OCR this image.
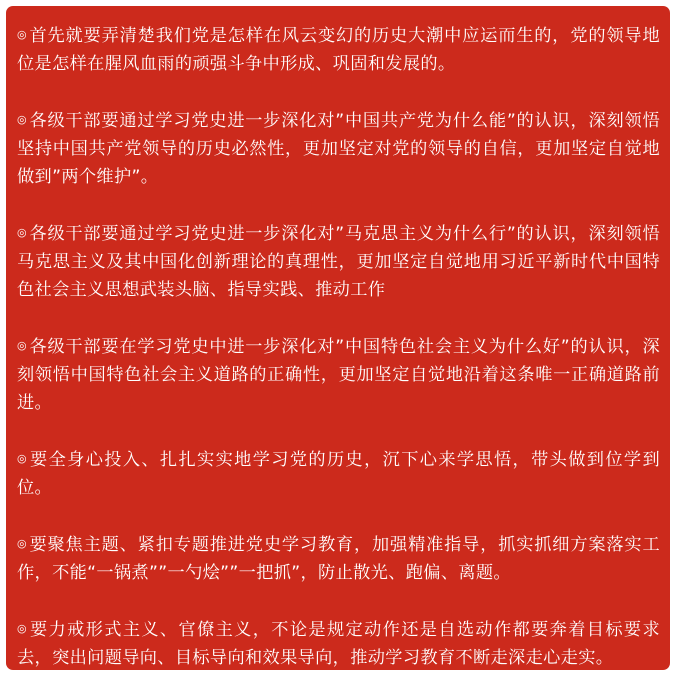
◎ 首先就要弄清楚我们党是怎样在风云变幻的历史大潮中应运而生的，党的领导地位是怎样在腥风血雨的顽强斗争中形成、巩固和发展的。

◎ 各级干部要通过学习党史进一步深化对”中国共产党为什么能”的认识，深刻领悟坚持中国共产党领导的历史必然性，更加坚定对党的领导的自信，更加坚定自觉地做到”两个维护”。

◎ 各级干部要通过学习党史进一步深化对”马克思主义为什么行”的认识，深刻领悟马克思主义及其中国化创新理论的真理性，更加坚定自觉地用习近平新时代中国特色社会主义思想武装头脑、指导实践、推动工作

◎ 各级干部要在学习党史中进一步深化对”中国特色社会主义为什么好”的认识，深刻领悟中国特色社会主义道路的正确性，更加坚定自觉地沿着这条唯一正确道路前进。

◎ 要全身心投入、扎扎实实地学习党的历史，沉下心来学思悟，带头做到位学到位。

◎ 要聚焦主题、紧扣专题推进党史学习教育，加强精准指导，抓实抓细方案落实工作，不能“一锅煮””一勺烩””一把抓”，防止散光、跑偏、离题。

◎ 要力戒形式主义、官僚主义，不论是规定动作还是自选动作都要奔着目标要求去，突出问题导向、目标导向和效果导向，推动学习教育不断走深走心走实。
